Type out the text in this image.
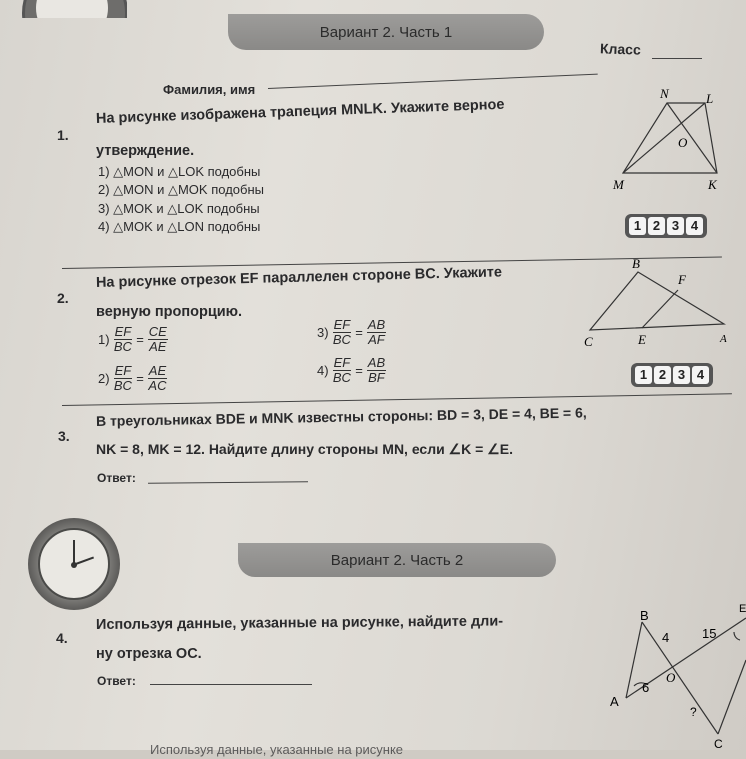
Вариант 2. Часть 1
Класс
Фамилия, имя
1.
На рисунке изображена трапеция MNLK. Укажите верное
утверждение.
1) △MON и △LOK подобны
2) △MON и △MOK подобны
3) △MOK и △LOK подобны
4) △MOK и △LON подобны
N	L
O
M	K
1 2 3 4
2.
На рисунке отрезок EF параллелен стороне BC. Укажите
верную пропорцию.
$1) \frac{EF}{BC} = \frac{CE}{AE}$
$2) \frac{EF}{BC} = \frac{AE}{AC}$
$3) \frac{EF}{BC} = \frac{AB}{AF}$
$4) \frac{EF}{BC} = \frac{AB}{BF}$
B
F
C	E	A
1 2 3 4
3.
В треугольниках BDE и MNK известны стороны: BD = 3, DE = 4, BE = 6,
NK = 8, MK = 12. Найдите длину стороны MN, если ∠K = ∠E.
Ответ:
Вариант 2. Часть 2
4.
Используя данные, указанные на рисунке, найдите дли-
ну отрезка OC.
Ответ:
B
4	15
E
O
6
A
?
C
Используя данные, указанные на рисунке
